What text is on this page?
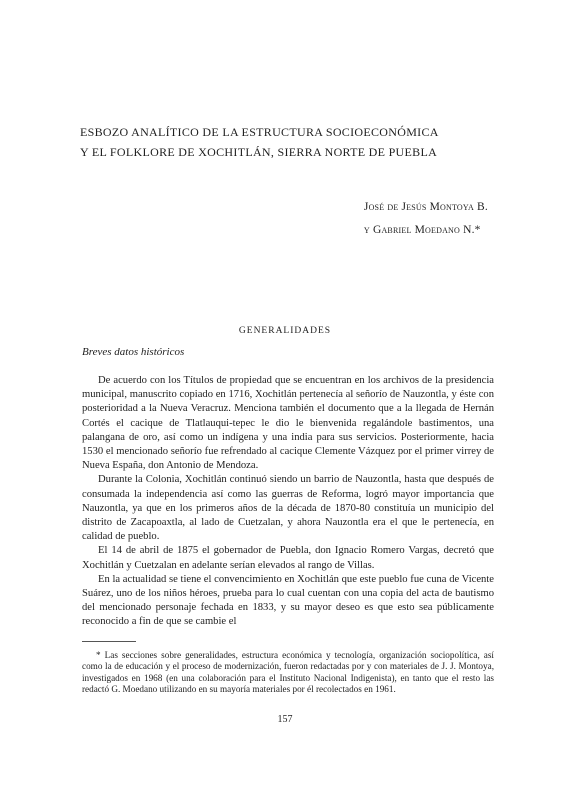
ESBOZO ANALÍTICO DE LA ESTRUCTURA SOCIOECONÓMICA
Y EL FOLKLORE DE XOCHITLÁN, SIERRA NORTE DE PUEBLA
José de Jesús Montoya B.
y Gabriel Moedano N.*
GENERALIDADES
Breves datos históricos

De acuerdo con los Títulos de propiedad que se encuentran en los archivos de la presidencia municipal, manuscrito copiado en 1716, Xochitlán pertenecía al señorío de Nauzontla, y éste con posterioridad a la Nueva Veracruz. Menciona también el documento que a la llegada de Hernán Cortés el cacique de Tlatlauqui-tepec le dio le bienvenida regalándole bastimentos, una palangana de oro, así como un indígena y una india para sus servicios. Posteriormente, hacia 1530 el mencionado señorío fue refrendado al cacique Clemente Vázquez por el primer virrey de Nueva España, don Antonio de Mendoza.

Durante la Colonia, Xochitlán continuó siendo un barrio de Nauzontla, hasta que después de consumada la independencia así como las guerras de Reforma, logró mayor importancia que Nauzontla, ya que en los primeros años de la década de 1870-80 constituía un municipio del distrito de Zacapoaxtla, al lado de Cuetzalan, y ahora Nauzontla era el que le pertenecía, en calidad de pueblo.

El 14 de abril de 1875 el gobernador de Puebla, don Ignacio Romero Vargas, decretó que Xochitlán y Cuetzalan en adelante serían elevados al rango de Villas.

En la actualidad se tiene el convencimiento en Xochitlán que este pueblo fue cuna de Vicente Suárez, uno de los niños héroes, prueba para lo cual cuentan con una copia del acta de bautismo del mencionado personaje fechada en 1833, y su mayor deseo es que esto sea públicamente reconocido a fin de que se cambie el

* Las secciones sobre generalidades, estructura económica y tecnología, organización sociopolítica, así como la de educación y el proceso de modernización, fueron redactadas por y con materiales de J. J. Montoya, investigados en 1968 (en una colaboración para el Instituto Nacional Indigenista), en tanto que el resto las redactó G. Moedano utilizando en su mayoría materiales por él recolectados en 1961.
157
